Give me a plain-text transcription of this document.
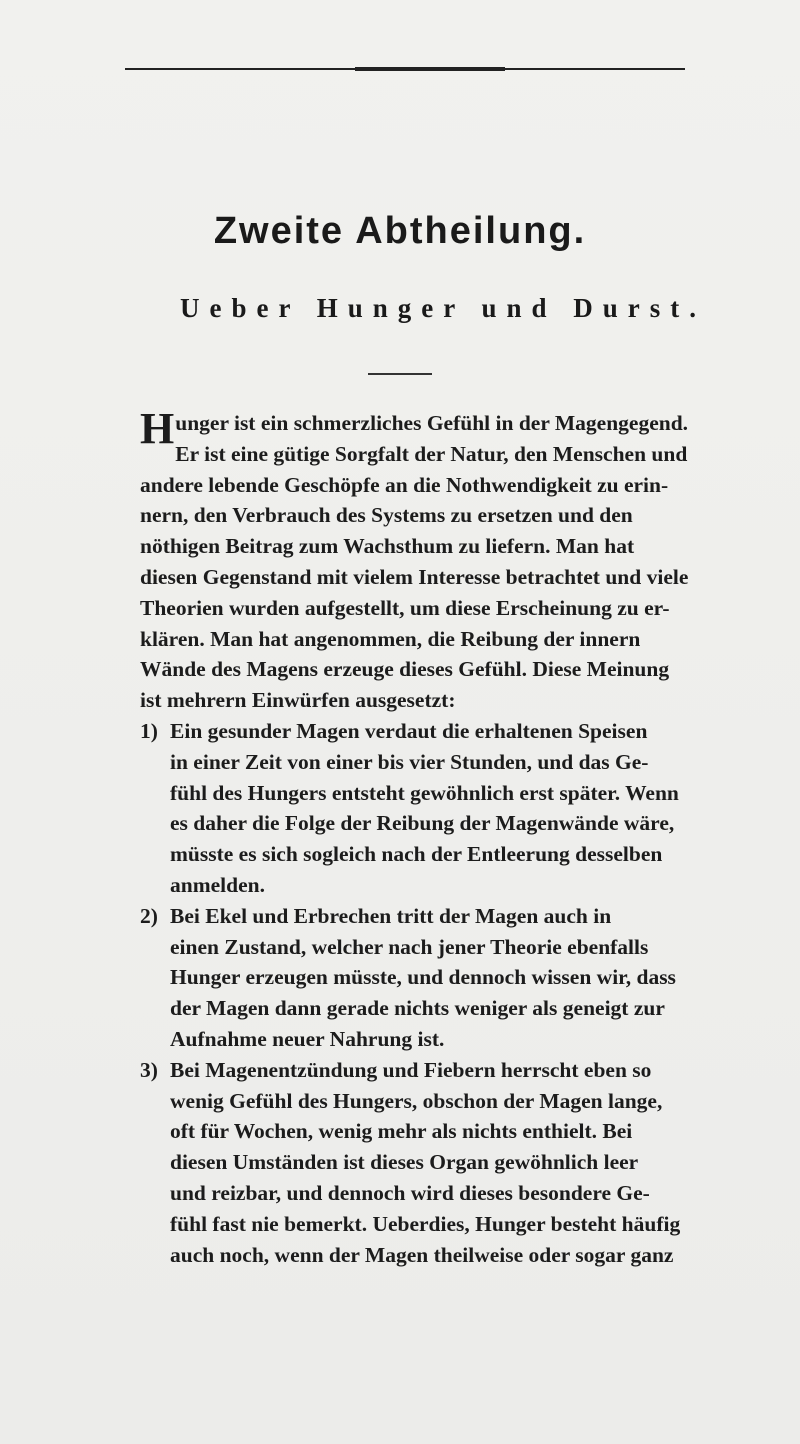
Zweite Abtheilung.
Ueber Hunger und Durst.

H unger ist ein schmerzliches Gefühl in der Magengegend.
Er ist eine gütige Sorgfalt der Natur, den Menschen und
andere lebende Geschöpfe an die Nothwendigkeit zu erin-
nern, den Verbrauch des Systems zu ersetzen und den
nöthigen Beitrag zum Wachsthum zu liefern. Man hat
diesen Gegenstand mit vielem Interesse betrachtet und viele
Theorien wurden aufgestellt, um diese Erscheinung zu er-
klären. Man hat angenommen, die Reibung der innern
Wände des Magens erzeuge dieses Gefühl. Diese Meinung
ist mehrern Einwürfen ausgesetzt:

1) Ein gesunder Magen verdaut die erhaltenen Speisen
in einer Zeit von einer bis vier Stunden, und das Ge-
fühl des Hungers entsteht gewöhnlich erst später. Wenn
es daher die Folge der Reibung der Magenwände wäre,
müsste es sich sogleich nach der Entleerung desselben
anmelden.
2) Bei Ekel und Erbrechen tritt der Magen auch in
einen Zustand, welcher nach jener Theorie ebenfalls
Hunger erzeugen müsste, und dennoch wissen wir, dass
der Magen dann gerade nichts weniger als geneigt zur
Aufnahme neuer Nahrung ist.
3) Bei Magenentzündung und Fiebern herrscht eben so
wenig Gefühl des Hungers, obschon der Magen lange,
oft für Wochen, wenig mehr als nichts enthielt. Bei
diesen Umständen ist dieses Organ gewöhnlich leer
und reizbar, und dennoch wird dieses besondere Ge-
fühl fast nie bemerkt. Ueberdies, Hunger besteht häufig
auch noch, wenn der Magen theilweise oder sogar ganz
